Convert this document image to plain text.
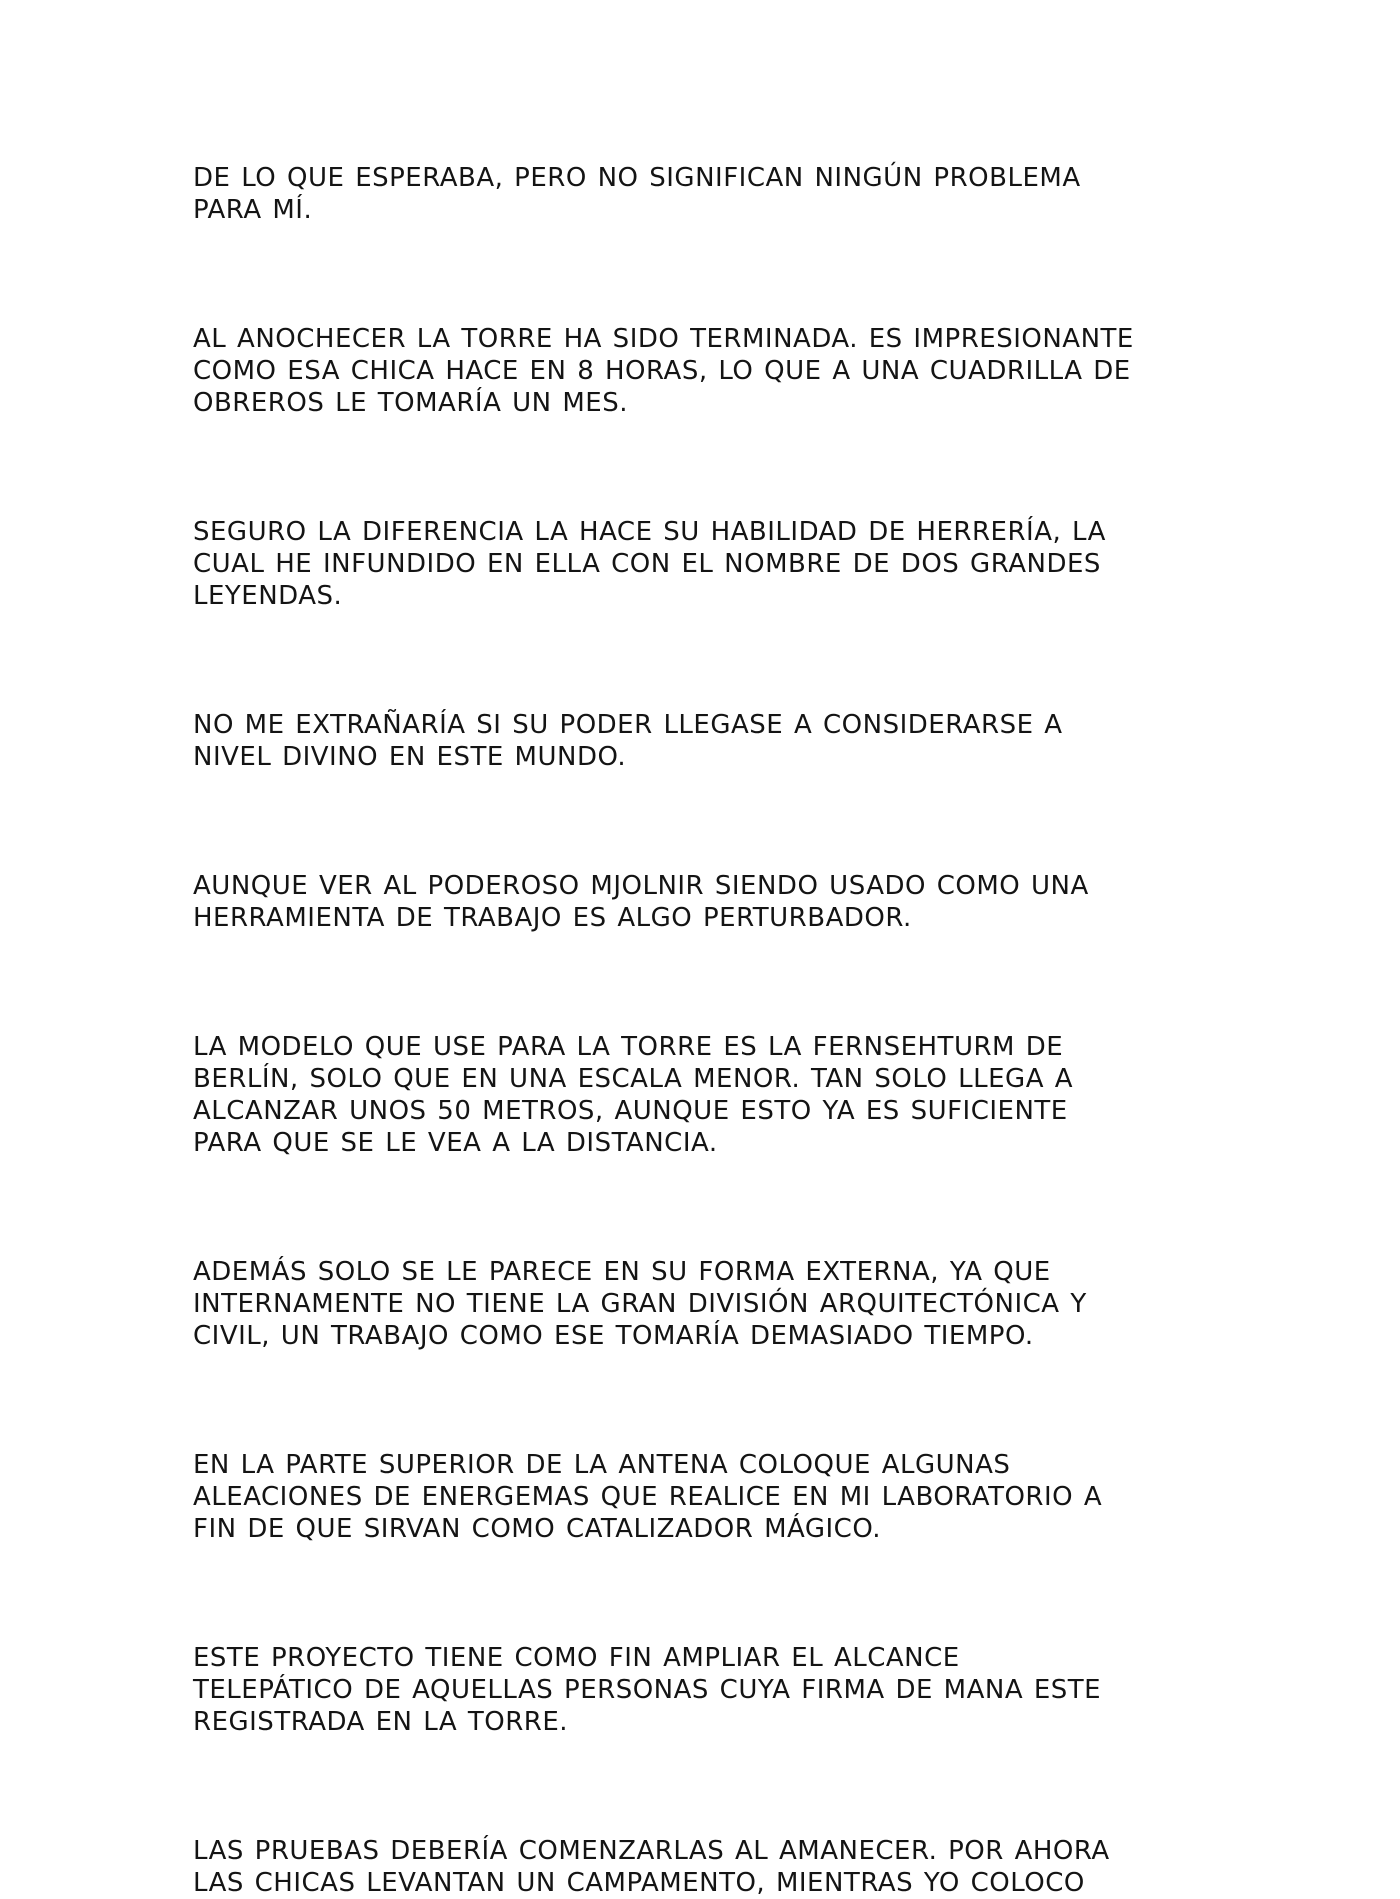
DE LO QUE ESPERABA, PERO NO SIGNIFICAN NINGÚN PROBLEMA
PARA MÍ.

AL ANOCHECER LA TORRE HA SIDO TERMINADA. ES IMPRESIONANTE
COMO ESA CHICA HACE EN 8 HORAS, LO QUE A UNA CUADRILLA DE
OBREROS LE TOMARÍA UN MES.

SEGURO LA DIFERENCIA LA HACE SU HABILIDAD DE HERRERÍA, LA
CUAL HE INFUNDIDO EN ELLA CON EL NOMBRE DE DOS GRANDES
LEYENDAS.

NO ME EXTRAÑARÍA SI SU PODER LLEGASE A CONSIDERARSE A
NIVEL DIVINO EN ESTE MUNDO.

AUNQUE VER AL PODEROSO MJOLNIR SIENDO USADO COMO UNA
HERRAMIENTA DE TRABAJO ES ALGO PERTURBADOR.

LA MODELO QUE USE PARA LA TORRE ES LA FERNSEHTURM DE
BERLÍN, SOLO QUE EN UNA ESCALA MENOR. TAN SOLO LLEGA A
ALCANZAR UNOS 50 METROS, AUNQUE ESTO YA ES SUFICIENTE
PARA QUE SE LE VEA A LA DISTANCIA.

ADEMÁS SOLO SE LE PARECE EN SU FORMA EXTERNA, YA QUE
INTERNAMENTE NO TIENE LA GRAN DIVISIÓN ARQUITECTÓNICA Y
CIVIL, UN TRABAJO COMO ESE TOMARÍA DEMASIADO TIEMPO.

EN LA PARTE SUPERIOR DE LA ANTENA COLOQUE ALGUNAS
ALEACIONES DE ENERGEMAS QUE REALICE EN MI LABORATORIO A
FIN DE QUE SIRVAN COMO CATALIZADOR MÁGICO.

ESTE PROYECTO TIENE COMO FIN AMPLIAR EL ALCANCE
TELEPÁTICO DE AQUELLAS PERSONAS CUYA FIRMA DE MANA ESTE
REGISTRADA EN LA TORRE.

LAS PRUEBAS DEBERÍA COMENZARLAS AL AMANECER. POR AHORA
LAS CHICAS LEVANTAN UN CAMPAMENTO, MIENTRAS YO COLOCO
